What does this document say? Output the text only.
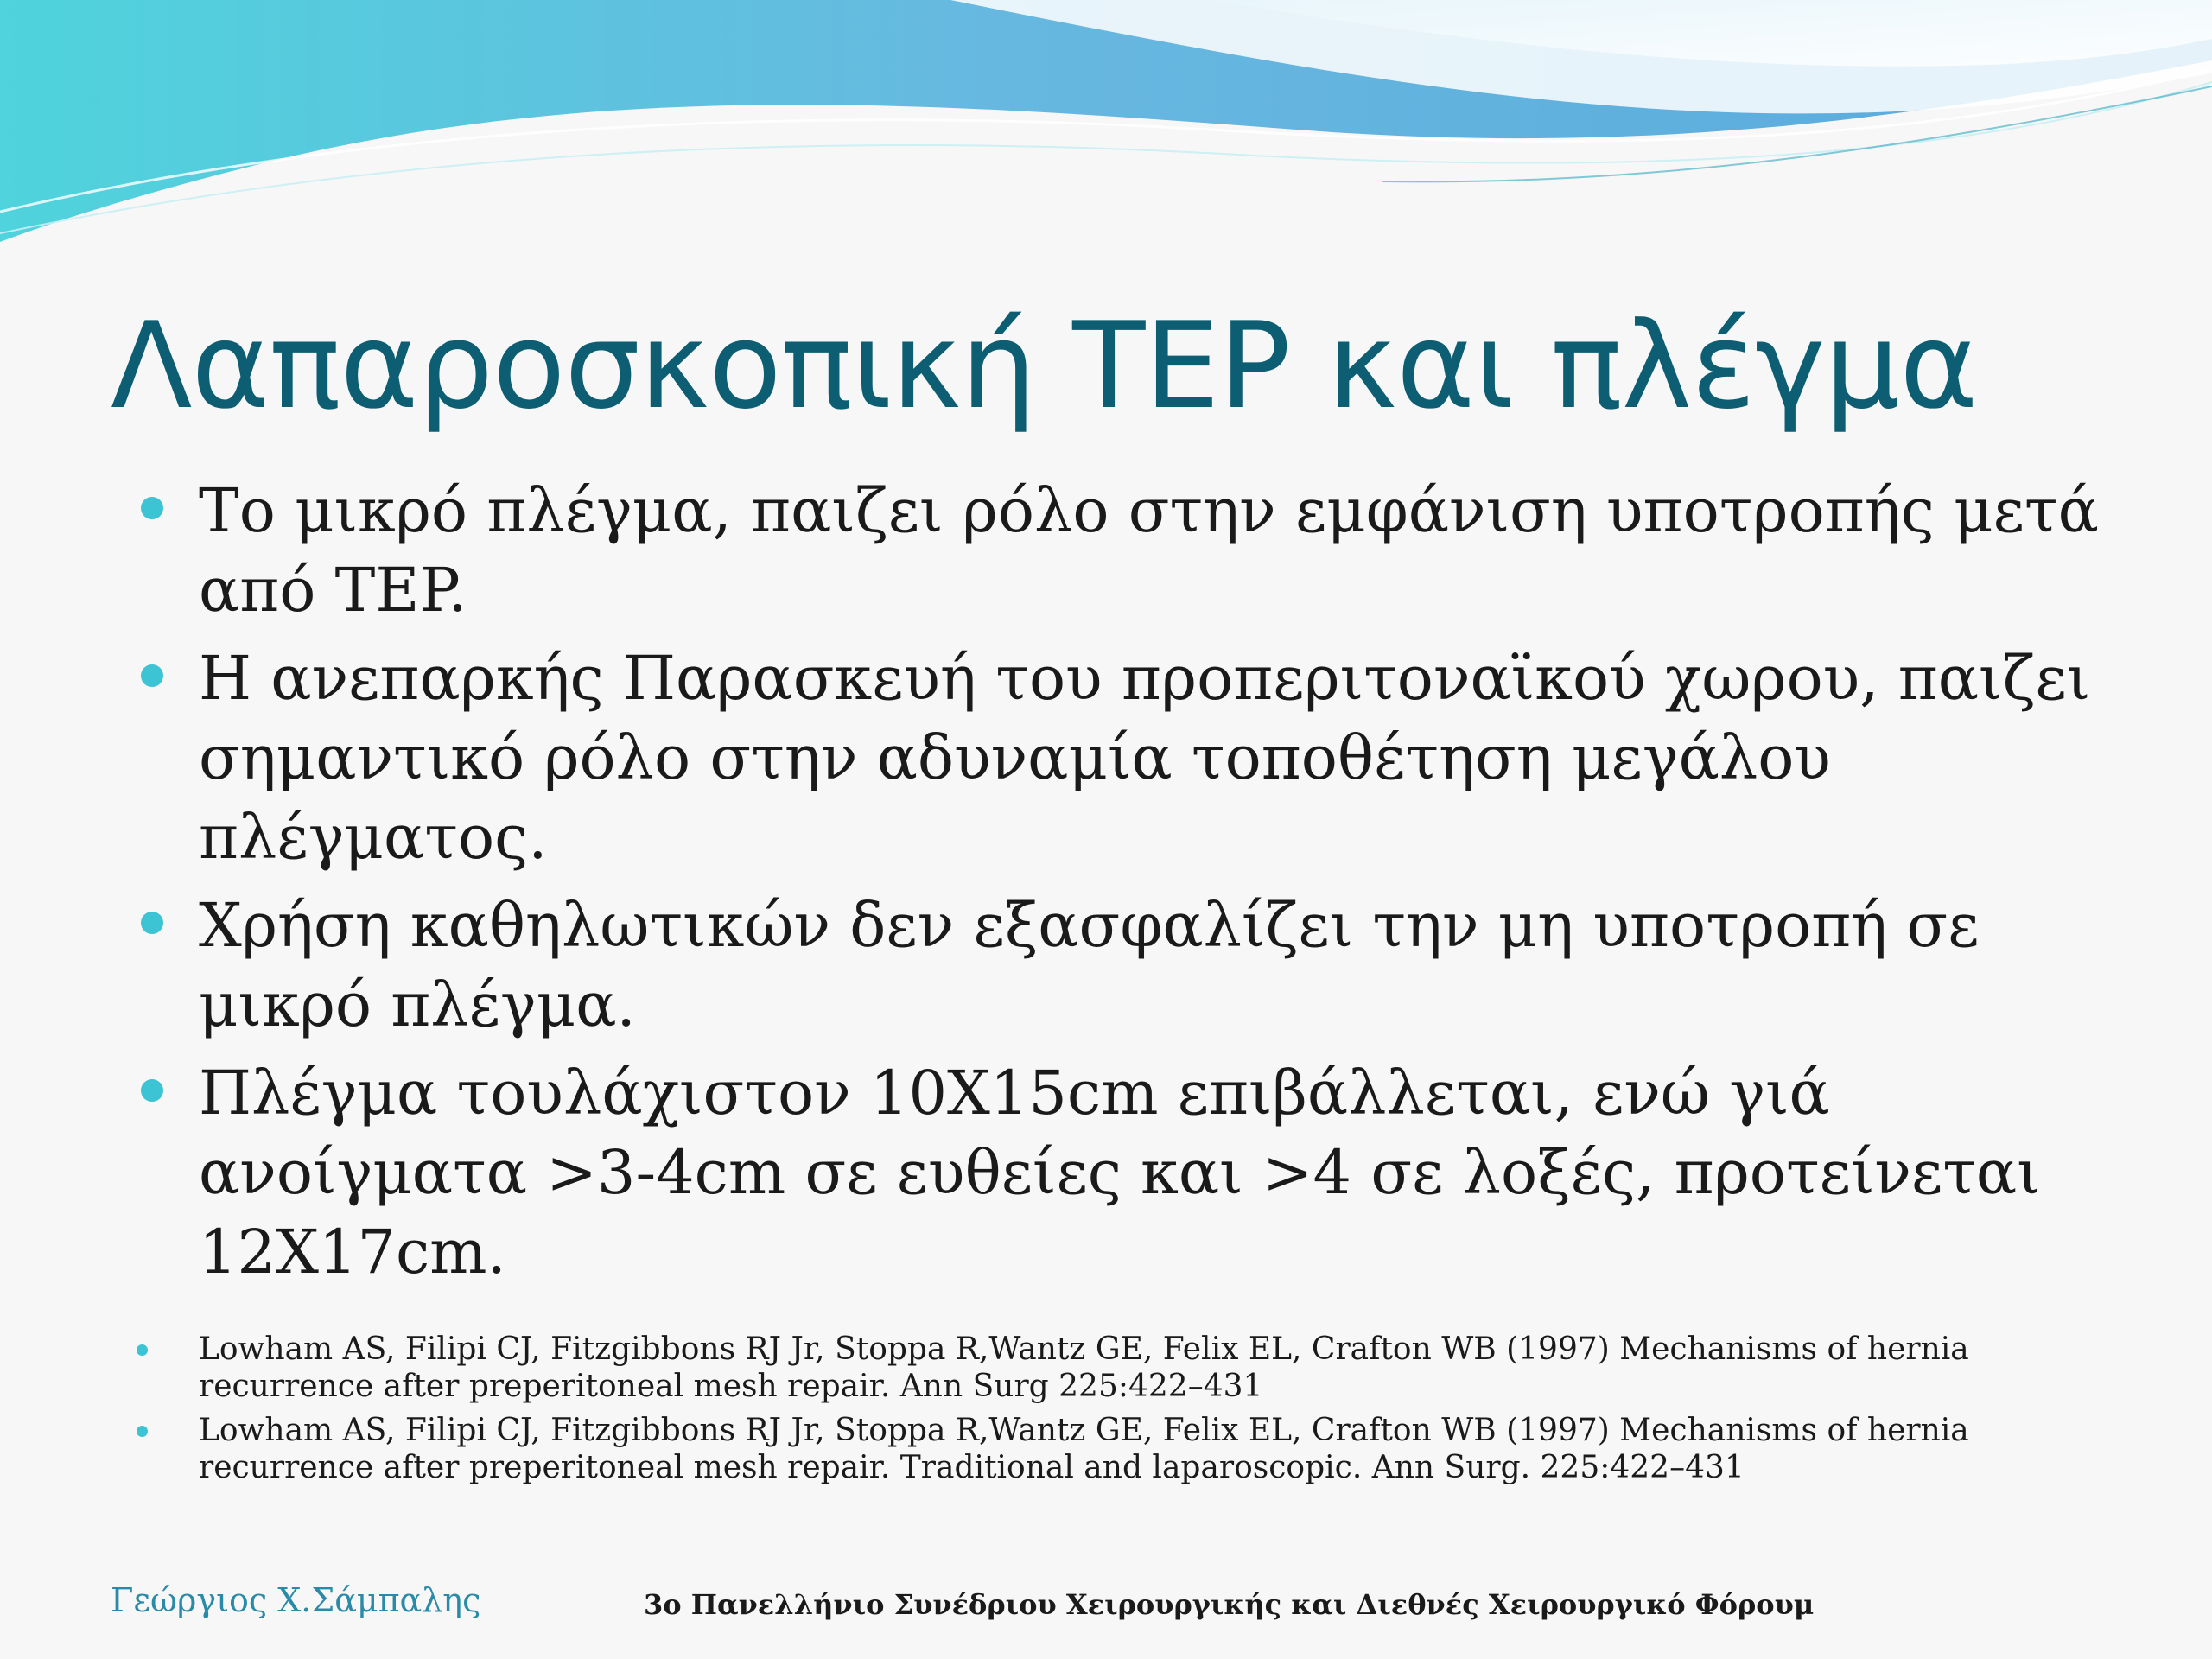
Λαπαροσκοπική TEP και πλέγμα
Το μικρό πλέγμα, παιζει ρόλο στην εμφάνιση υποτροπής μετά από TEP.
Η ανεπαρκής Παρασκευή του προπεριτοναϊκού χωρου, παιζει σημαντικό ρόλο στην αδυναμία τοποθέτηση μεγάλου πλέγματος.
Χρήση καθηλωτικών δεν εξασφαλίζει την μη υποτροπή σε μικρό πλέγμα.
Πλέγμα τουλάχιστον 10Χ15cm επιβάλλεται, ενώ γιά ανοίγματα >3-4cm σε ευθείες και >4 σε λοξές, προτείνεται 12Χ17cm.
Lowham AS, Filipi CJ, Fitzgibbons RJ Jr, Stoppa R,Wantz GE, Felix EL, Crafton WB (1997) Mechanisms of hernia recurrence after preperitoneal mesh repair. Ann Surg 225:422–431
Lowham AS, Filipi CJ, Fitzgibbons RJ Jr, Stoppa R,Wantz GE, Felix EL, Crafton WB (1997) Mechanisms of hernia recurrence after preperitoneal mesh repair. Traditional and laparoscopic. Ann Surg. 225:422–431
Γεώργιος Χ.Σάμπαλης	3ο Πανελλήνιο Συνέδριου Χειρουργικής και Διεθνές Χειρουργικό Φόρουμ
